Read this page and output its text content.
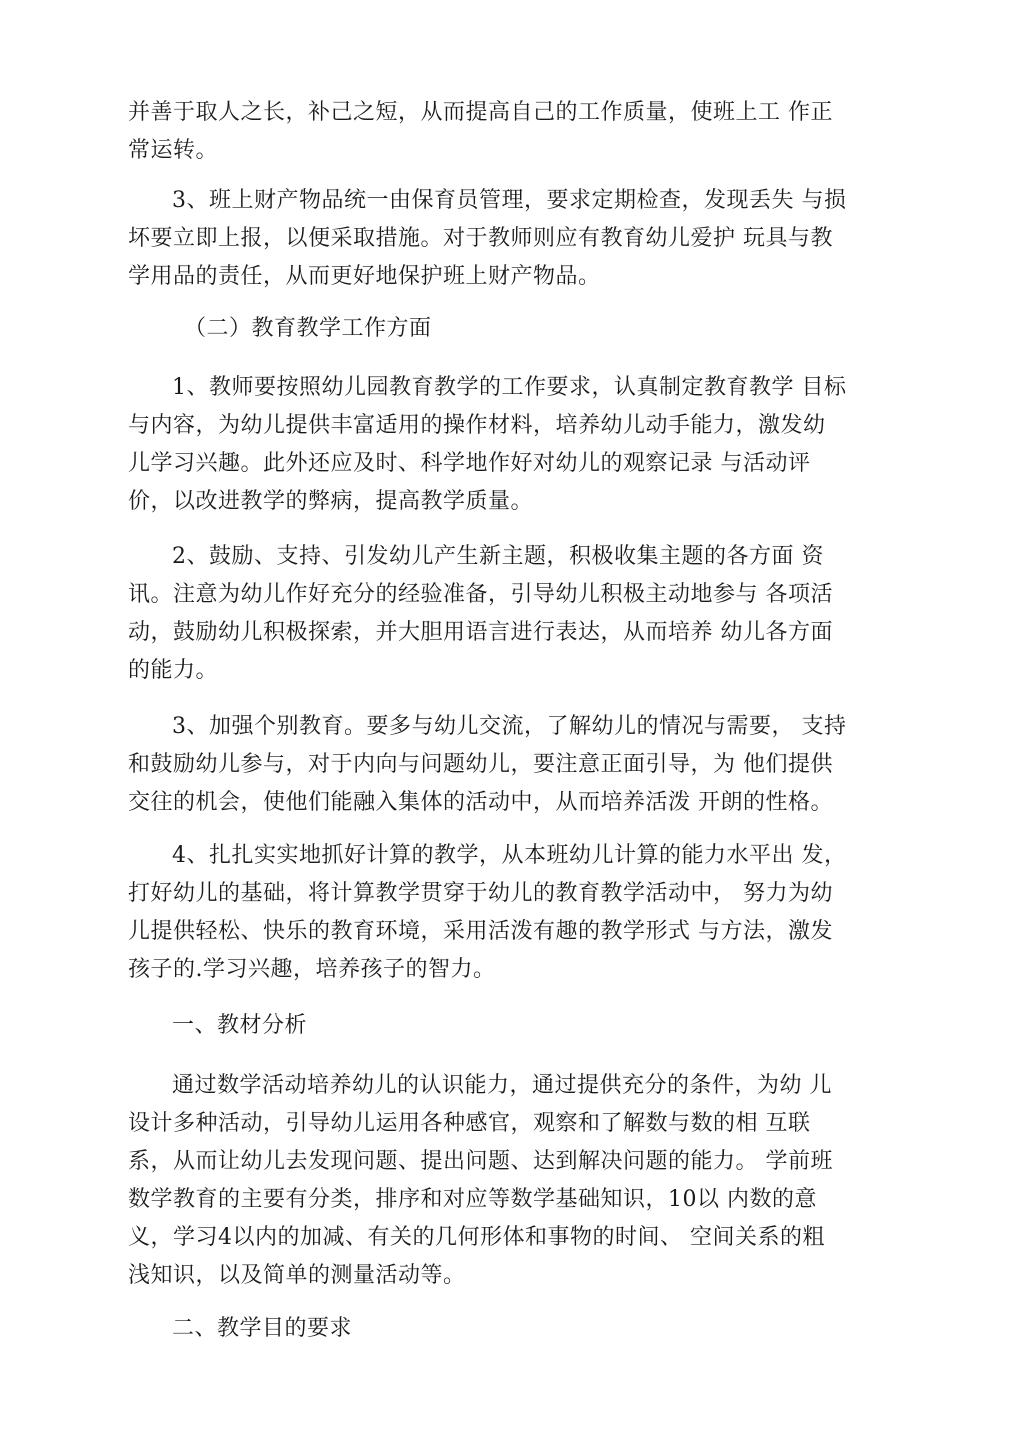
并善于取人之长，补己之短，从而提高自己的工作质量，使班上工 作正
常运转。
3、班上财产物品统一由保育员管理，要求定期检查，发现丢失 与损
坏要立即上报，以便采取措施。对于教师则应有教育幼儿爱护 玩具与教
学用品的责任，从而更好地保护班上财产物品。
（二）教育教学工作方面
1、教师要按照幼儿园教育教学的工作要求，认真制定教育教学 目标
与内容，为幼儿提供丰富适用的操作材料，培养幼儿动手能力，激发幼
儿学习兴趣。此外还应及时、科学地作好对幼儿的观察记录 与活动评
价，以改进教学的弊病，提高教学质量。
2、鼓励、支持、引发幼儿产生新主题，积极收集主题的各方面 资
讯。注意为幼儿作好充分的经验准备，引导幼儿积极主动地参与 各项活
动，鼓励幼儿积极探索，并大胆用语言进行表达，从而培养 幼儿各方面
的能力。
3、加强个别教育。要多与幼儿交流，了解幼儿的情况与需要， 支持
和鼓励幼儿参与，对于内向与问题幼儿，要注意正面引导，为 他们提供
交往的机会，使他们能融入集体的活动中，从而培养活泼 开朗的性格。
4、扎扎实实地抓好计算的教学，从本班幼儿计算的能力水平出 发，
打好幼儿的基础，将计算教学贯穿于幼儿的教育教学活动中， 努力为幼
儿提供轻松、快乐的教育环境，采用活泼有趣的教学形式 与方法，激发
孩子的.学习兴趣，培养孩子的智力。
一、教材分析
通过数学活动培养幼儿的认识能力，通过提供充分的条件，为幼 儿
设计多种活动，引导幼儿运用各种感官，观察和了解数与数的相 互联
系，从而让幼儿去发现问题、提出问题、达到解决问题的能力。 学前班
数学教育的主要有分类，排序和对应等数学基础知识，10以 内数的意
义，学习4以内的加减、有关的几何形体和事物的时间、 空间关系的粗
浅知识，以及简单的测量活动等。
二、教学目的要求
